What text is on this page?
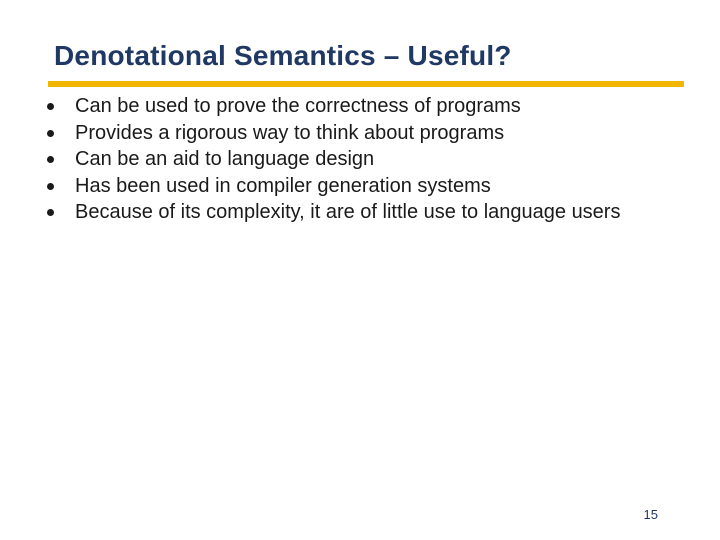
Denotational Semantics – Useful?
Can be used to prove the correctness of programs
Provides a rigorous way to think about programs
Can be an aid to language design
Has been used in compiler generation systems
Because of its complexity, it are of little use to language users
15
